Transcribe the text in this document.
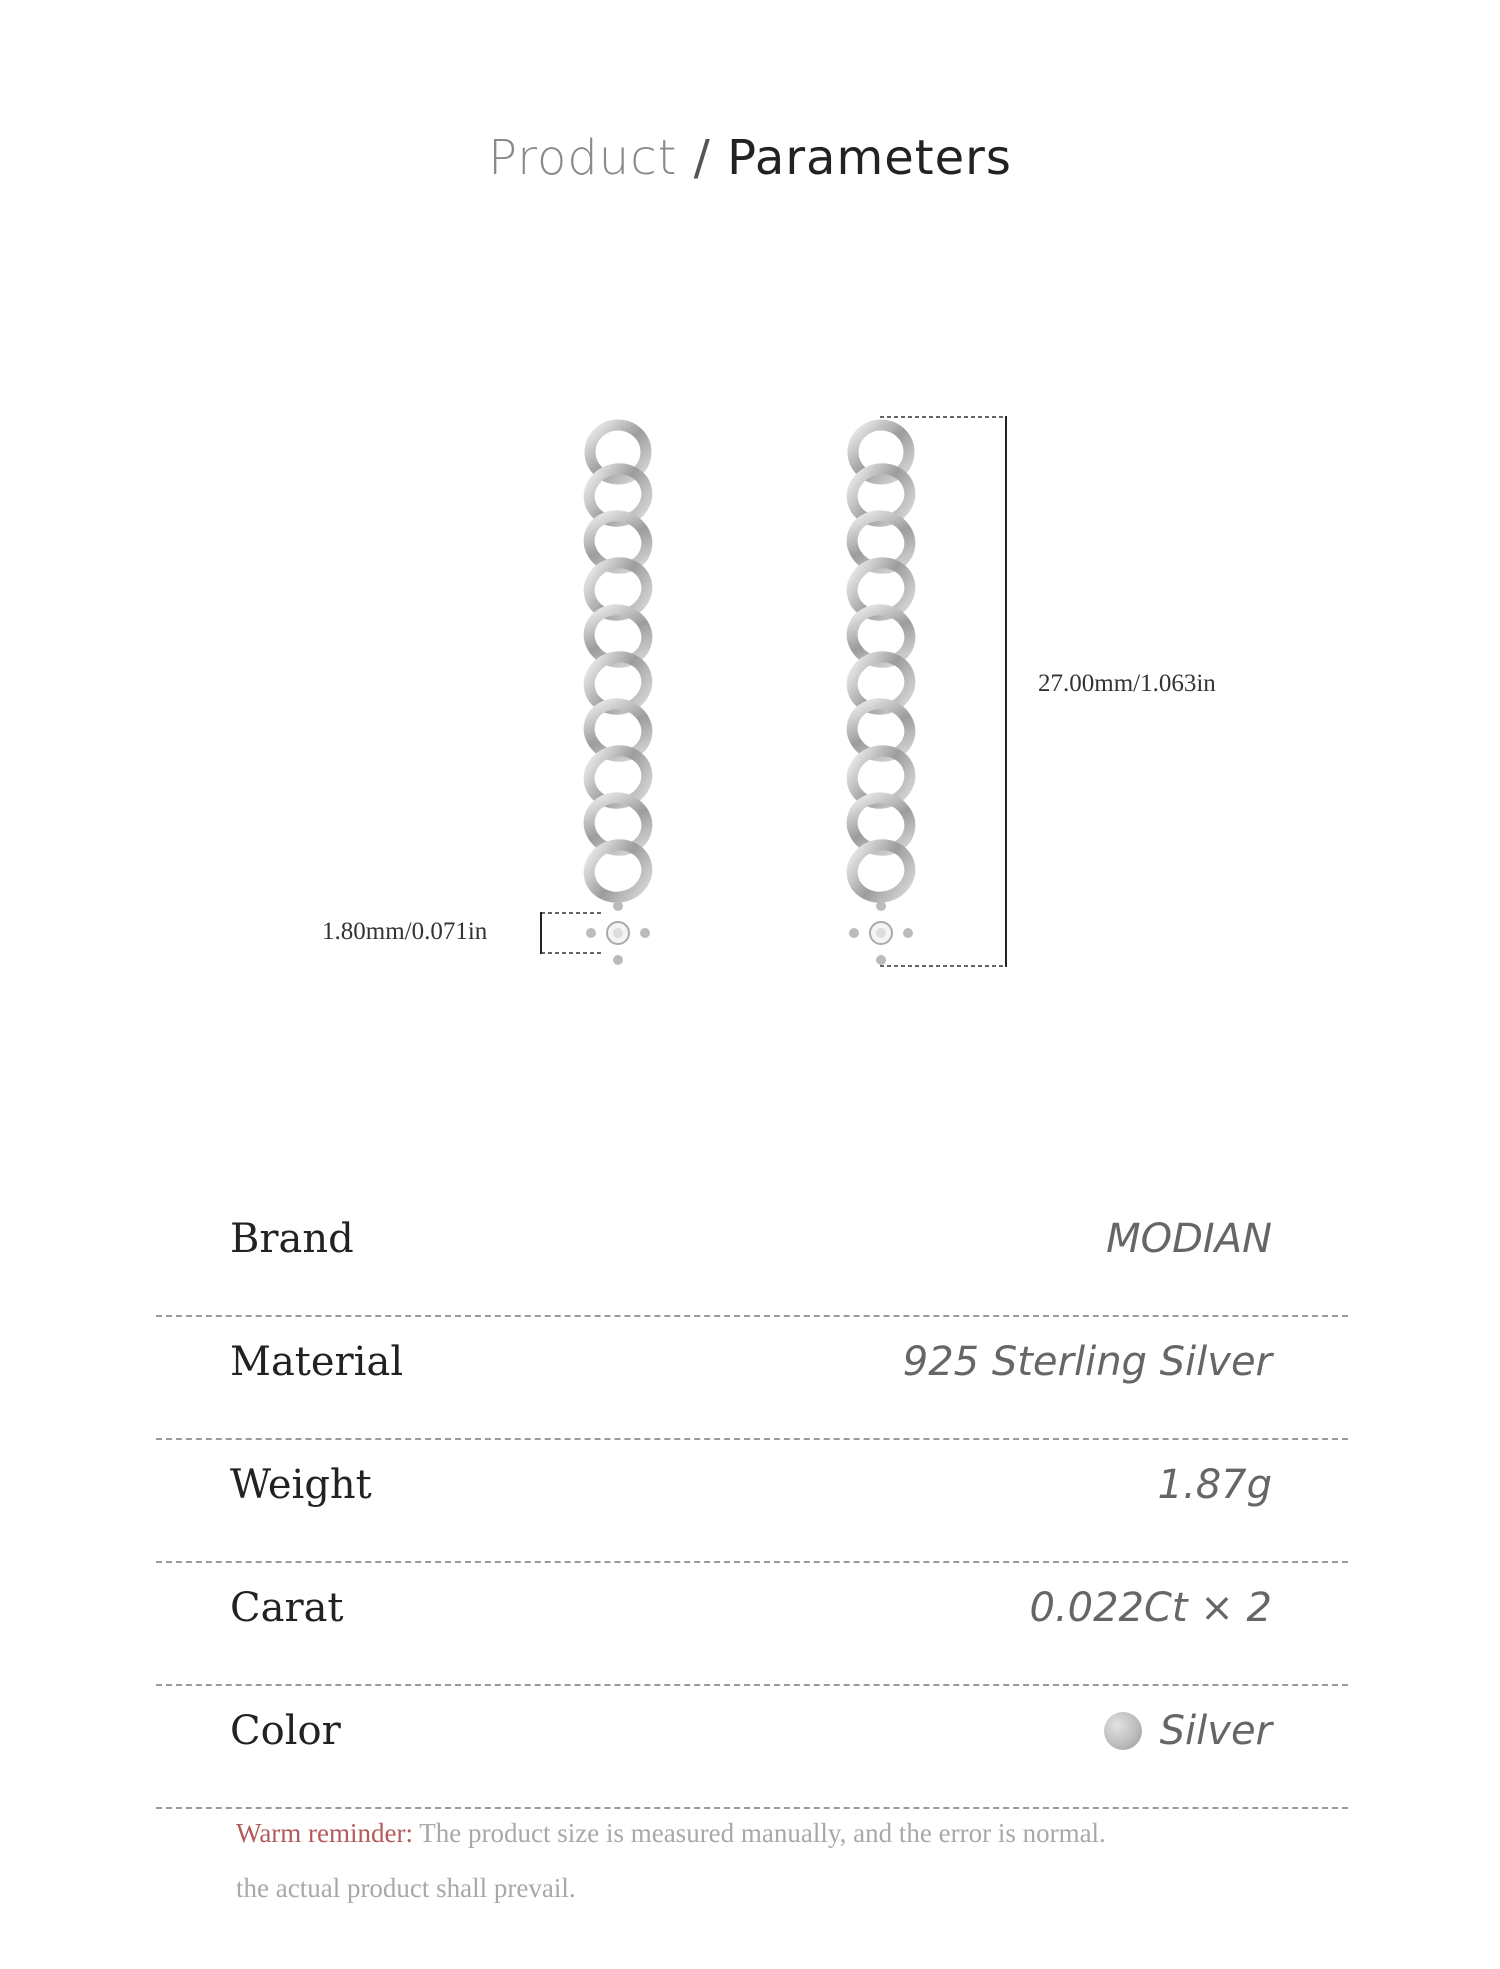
Product / Parameters
27.00mm/1.063in
1.80mm/0.071in
Brand	MODIAN
Material	925 Sterling Silver
Weight	1.87g
Carat	0.022Ct × 2
Color	Silver
Warm reminder: The product size is measured manually, and the error is normal.
the actual product shall prevail.
